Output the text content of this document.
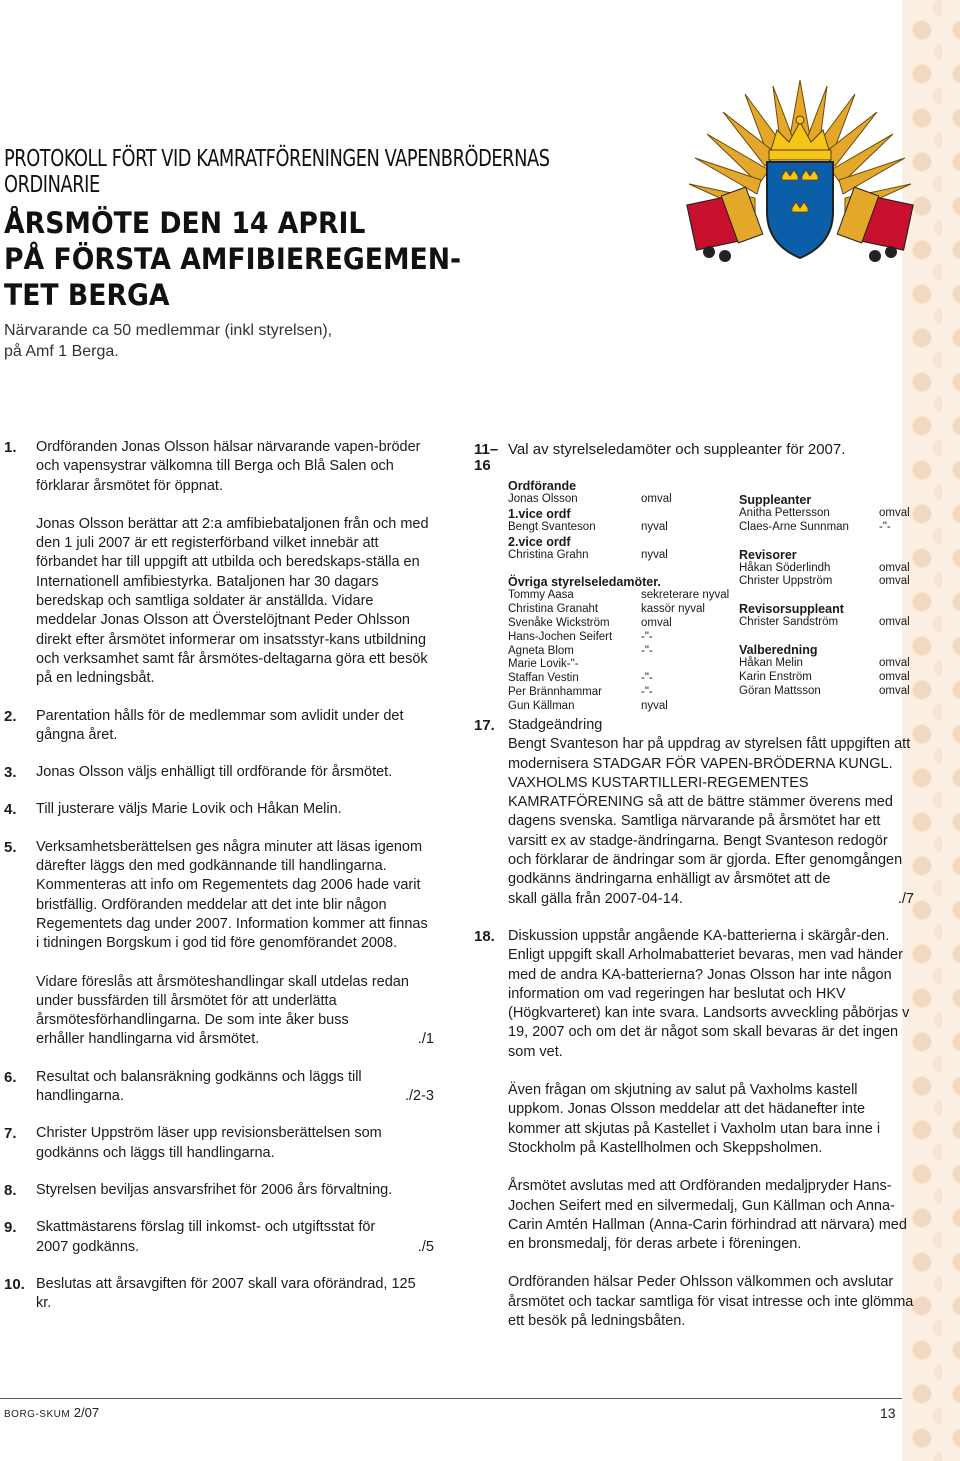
PROTOKOLL FÖRT VID KAMRATFÖRENINGEN VAPENBRÖDERNAS ORDINARIE
ÅRSMÖTE DEN 14 APRIL
PÅ FÖRSTA AMFIBIEREGEMEN-
TET BERGA
Närvarande ca 50 medlemmar (inkl styrelsen),
på Amf 1 Berga.
1.	Ordföranden Jonas Olsson hälsar närvarande vapen-bröder och vapensystrar välkomna till Berga och Blå Salen och förklarar årsmötet för öppnat.

Jonas Olsson berättar att 2:a amfibiebataljonen från och med den 1 juli 2007 är ett registerförband vilket innebär att förbandet har till uppgift att utbilda och beredskaps-ställa en Internationell amfibiestyrka. Bataljonen har 30 dagars beredskap och samtliga soldater är anställda. Vidare meddelar Jonas Olsson att Överstelöjtnant Peder Ohlsson direkt efter årsmötet informerar om insatsstyr-kans utbildning och verksamhet samt får årsmötes-deltagarna göra ett besök på en ledningsbåt.

2.	Parentation hålls för de medlemmar som avlidit under det gångna året.

3.	Jonas Olsson väljs enhälligt till ordförande för årsmötet.

4.	Till justerare väljs Marie Lovik och Håkan Melin.

5.	Verksamhetsberättelsen ges några minuter att läsas igenom därefter läggs den med godkännande till handlingarna.

Kommenteras att info om Regementets dag 2006 hade varit bristfällig. Ordföranden meddelar att det inte blir någon Regementets dag under 2007. Information kommer att finnas i tidningen Borgskum i god tid före genomförandet 2008.

Vidare föreslås att årsmöteshandlingar skall utdelas redan under bussfärden till årsmötet för att underlätta årsmötesförhandlingarna. De som inte åker buss

erhåller handlingarna vid årsmötet.	./1
6.	Resultat och balansräkning godkänns och läggs till

handlingarna.	./2-3
7.	Christer Uppström läser upp revisionsberättelsen som godkänns och läggs till handlingarna.

8.	Styrelsen beviljas ansvarsfrihet för 2006 års förvaltning.

9.	Skattmästarens förslag till inkomst- och utgiftsstat för

2007 godkänns.	./5
10. Beslutas att årsavgiften för 2007 skall vara oförändrad, 125 kr.

11– Val av styrelseledamöter och suppleanter för 2007.
16
Ordförande
Jonas Olsson	omval
1.vice ordf
Bengt Svanteson	nyval
2.vice ordf
Christina Grahn	nyval
Övriga styrelseledamöter.
Tommy Aasa	sekreterare nyval
Christina Granaht	kassör nyval
Svenåke Wickström	omval
Hans-Jochen Seifert	-"-
Agneta Blom	-"-
Marie Lovik-"-
Staffan Vestin	-"-
Per Brännhammar	-"-
Gun Källman	nyval
Suppleanter
Anitha Pettersson	omval
Claes-Arne Sunnman	-"-
Revisorer
Håkan Söderlindh	omval
Christer Uppström	omval
Revisorsuppleant
Christer Sandström	omval
Valberedning
Håkan Melin	omval
Karin Enström	omval
Göran Mattsson	omval
17. Stadgeändring

Bengt Svanteson har på uppdrag av styrelsen fått uppgiften att modernisera STADGAR FÖR VAPEN-BRÖDERNA KUNGL. VAXHOLMS KUSTARTILLERI-REGEMENTES KAMRATFÖRENING så att de bättre stämmer överens med dagens svenska. Samtliga närvarande på årsmötet har ett varsitt ex av stadge-ändringarna. Bengt Svanteson redogör och förklarar de ändringar som är gjorda. Efter genomgången godkänns ändringarna enhälligt av årsmötet att de

skall gälla från 2007-04-14.	./7
18. Diskussion uppstår angående KA-batterierna i skärgår-den. Enligt uppgift skall Arholmabatteriet bevaras, men vad händer med de andra KA-batterierna? Jonas Olsson har inte någon information om vad regeringen har beslutat och HKV (Högkvarteret) kan inte svara. Landsorts avveckling påbörjas v 19, 2007 och om det är något som skall bevaras är det ingen som vet.

Även frågan om skjutning av salut på Vaxholms kastell uppkom. Jonas Olsson meddelar att det hädanefter inte kommer att skjutas på Kastellet i Vaxholm utan bara inne i Stockholm på Kastellholmen och Skeppsholmen.

Årsmötet avslutas med att Ordföranden medaljpryder Hans-Jochen Seifert med en silvermedalj, Gun Källman och Anna-Carin Amtén Hallman (Anna-Carin förhindrad att närvara) med en bronsmedalj, för deras arbete i föreningen.

Ordföranden hälsar Peder Ohlsson välkommen och avslutar årsmötet och tackar samtliga för visat intresse och inte glömma ett besök på ledningsbåten.

BORG-SKUM 2/07	13
